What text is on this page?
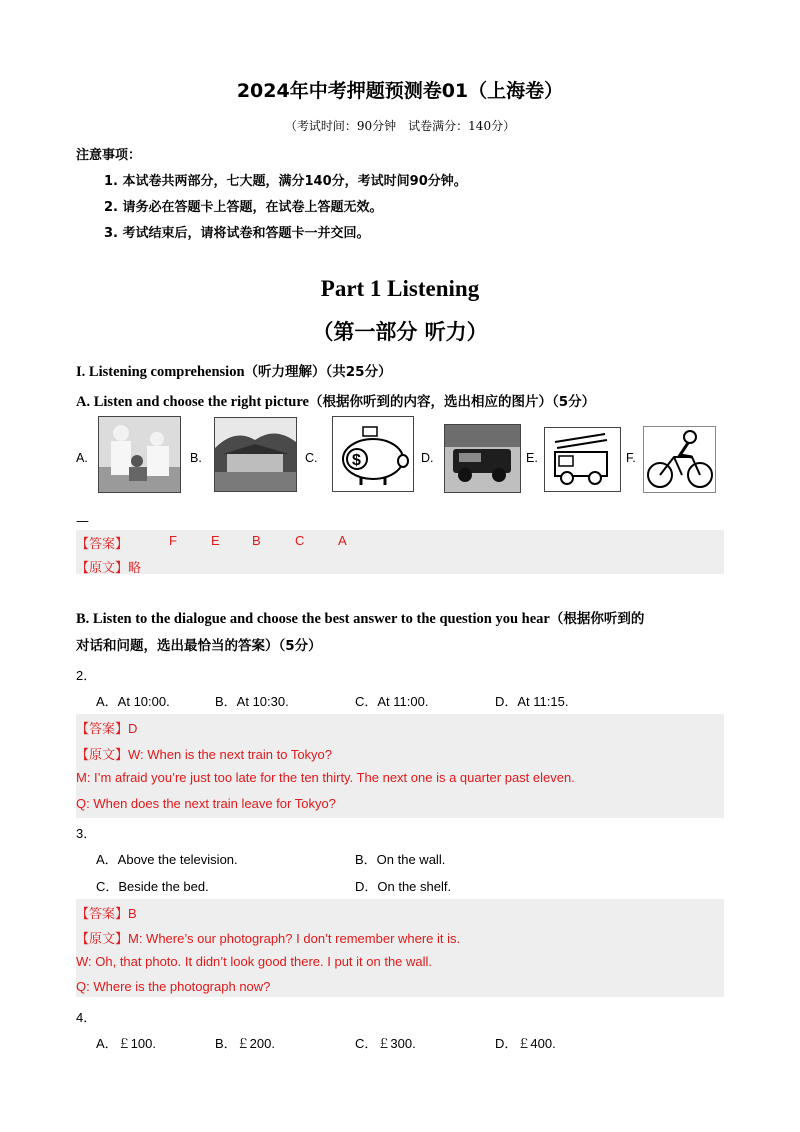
2024年中考押题预测卷01（上海卷）
（考试时间：90分钟　试卷满分：140分）
注意事项：
1. 本试卷共两部分，七大题，满分140分，考试时间90分钟。
2. 请务必在答题卡上答题，在试卷上答题无效。
3. 考试结束后，请将试卷和答题卡一并交回。
Part 1 Listening
（第一部分 听力）
I. Listening comprehension（听力理解）（共25分）
A. Listen and choose the right picture（根据你听到的内容，选出相应的图片）（5分）
A.	B.	C. $	D.	E.	F.
—
【答案】	F	E B	C	A
【原文】略
B. Listen to the dialogue and choose the best answer to the question you hear（根据你听到的
对话和问题，选出最恰当的答案）（5分）
2．
A．At 10:00.	B．At 10:30.	C．At 11:00.	D．At 11:15.
【答案】D
【原文】W: When is the next train to Tokyo?
M: I’m afraid you’re just too late for the ten thirty. The next one is a quarter past eleven.
Q: When does the next train leave for Tokyo?
3．
A．Above the television.	B．On the wall.
C．Beside the bed.	D．On the shelf.
【答案】B
【原文】M: Where’s our photograph? I don’t remember where it is.
W: Oh, that photo. It didn’t look good there. I put it on the wall.
Q: Where is the photograph now?
4．
A．￡100.	B．￡200.	C．￡300.	D．￡400.
